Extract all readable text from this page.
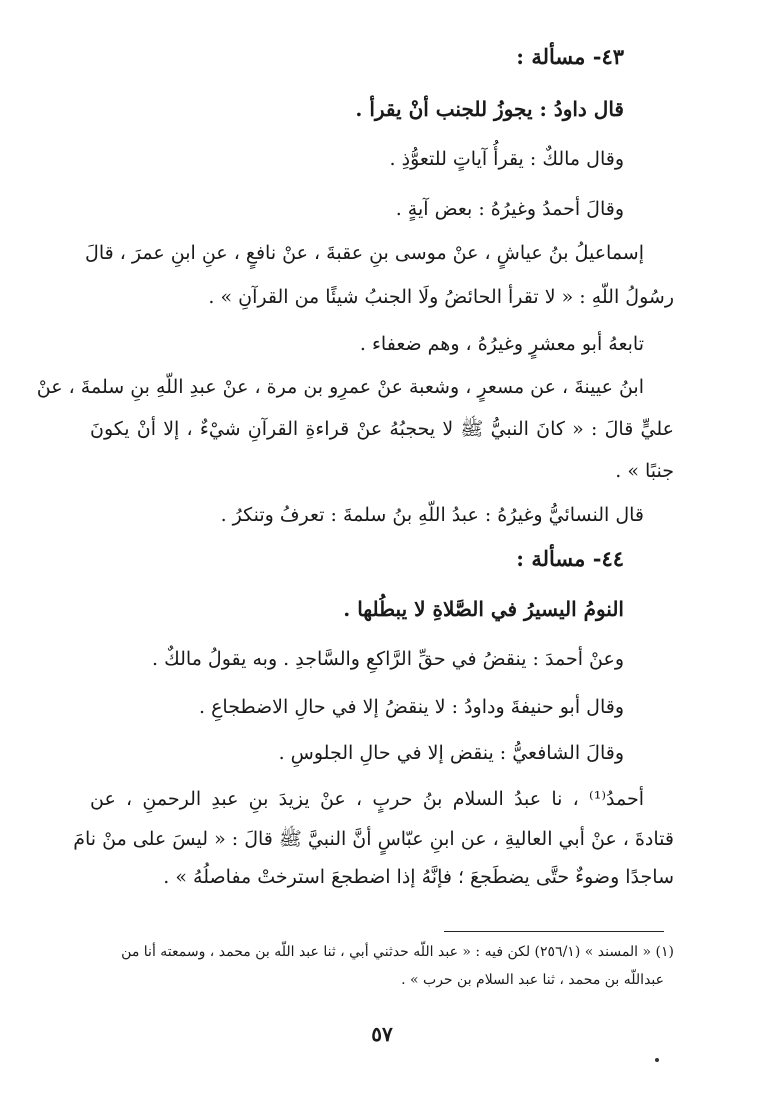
٤٣- مسألة :
قال داودُ : يجوزُ للجنب أنْ يقرأ .
وقال مالكٌ : يقرأُ آياتٍ للتعوُّذِ .
وقالَ أحمدُ وغيرُهُ : بعض آيةٍ .
إسماعيلُ بنُ عياشٍ ، عنْ موسى بنِ عقبةَ ، عنْ نافعٍ ، عنِ ابنِ عمرَ ، قالَ
رسُولُ اللّهِ : « لا تقرأ الحائضُ ولَا الجنبُ شيئًا من القرآنِ » .
تابعهُ أبو معشرٍ وغيرُهُ ، وهم ضعفاء .
ابنُ عيينةَ ، عن مسعرٍ ، وشعبة عنْ عمرِو بن مرة ، عنْ عبدِ اللّهِ بنِ سلمةَ ، عنْ
عليٍّ قالَ : « كانَ النبيُّ ﷺ لا يحجبُهُ عنْ قراءةِ القرآنِ شيْءٌ ، إلا أنْ يكونَ
جنبًا » .
قال النسائيُّ وغيرُهُ : عبدُ اللّهِ بنُ سلمةَ : تعرفُ وتنكرُ .
٤٤- مسألة :
النومُ اليسيرُ في الصَّلاةِ لا يبطُلها .
وعنْ أحمدَ : ينقضُ في حقِّ الرَّاكعِ والسَّاجدِ . وبه يقولُ مالكٌ .
وقال أبو حنيفةَ وداودُ : لا ينقضُ إلا في حالِ الاضطجاعِ .
وقالَ الشافعيُّ : ينقض إلا في حالِ الجلوسِ .
أحمدُ⁽¹⁾ ، نا عبدُ السلام بنُ حربٍ ، عنْ يزيدَ بنِ عبدِ الرحمنِ ، عن
قتادةَ ، عنْ أبي العاليةِ ، عن ابنِ عبّاسٍ أنَّ النبيَّ ﷺ قالَ : « ليسَ على منْ نامَ
ساجدًا وضوءٌ حتَّى يضطَجعَ ؛ فإنَّهُ إذا اضطجعَ استرختْ مفاصلُهُ » .
(١) « المسند » (٢٥٦/١) لكن فيه : « عبد اللّه حدثني أبي ، ثنا عبد اللّه بن محمد ، وسمعته أنا من
عبداللّه بن محمد ، ثنا عبد السلام بن حرب » .
٥٧
